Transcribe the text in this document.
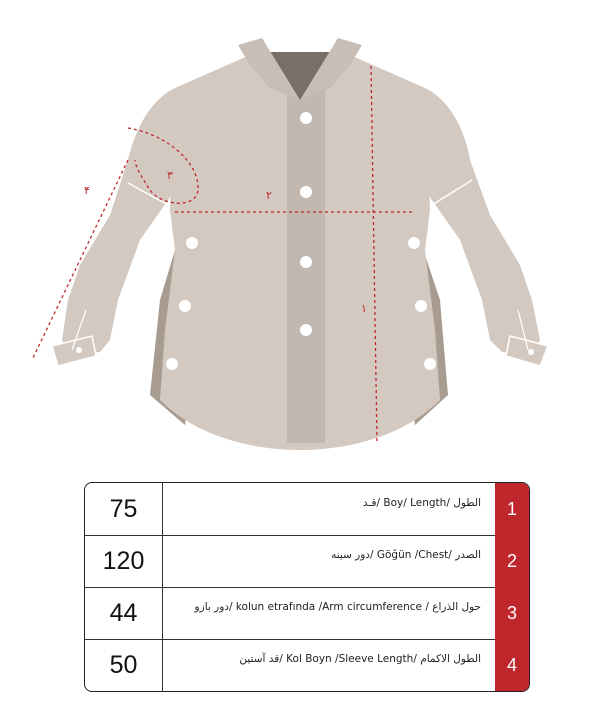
۱
۲
۳
۴
75	قـد/ Boy/ Length/ الطول	1
120	دور سینه/ Göğün /Chest/ الصدر	2
44	دور بازو/ kolun etrafında /Arm circumference / حول الذراع	3
50	قد آستین/ Kol Boyn /Sleeve Length/ الطول الاكمام	4
